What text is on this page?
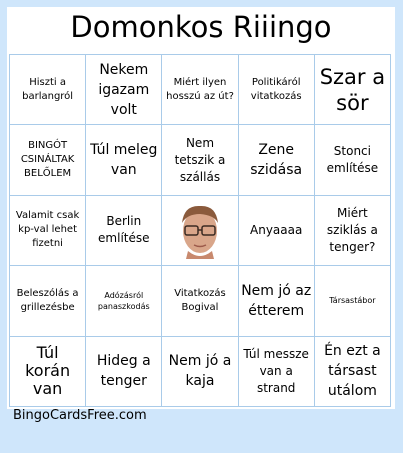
Domonkos Riiingo
Hiszti a barlangról
Nekem igazam volt
Miért ilyen hosszú az út?
Politikáról vitatkozás
Szar a sör
BINGÓT CSINÁLTAK BELŐLEM
Túl meleg van
Nem tetszik a szállás
Zene szidása
Stonci említése
Valamit csak kp-val lehet fizetni
Berlin említése
Anyaaaa
Miért sziklás a tenger?
Beleszólás a grillezésbe
Adózásról panaszkodás
Vitatkozás Bogival
Nem jó az étterem
Társastábor
Túl korán van
Hideg a tenger
Nem jó a kaja
Túl messze van a strand
Én ezt a társast utálom
BingoCardsFree.com
